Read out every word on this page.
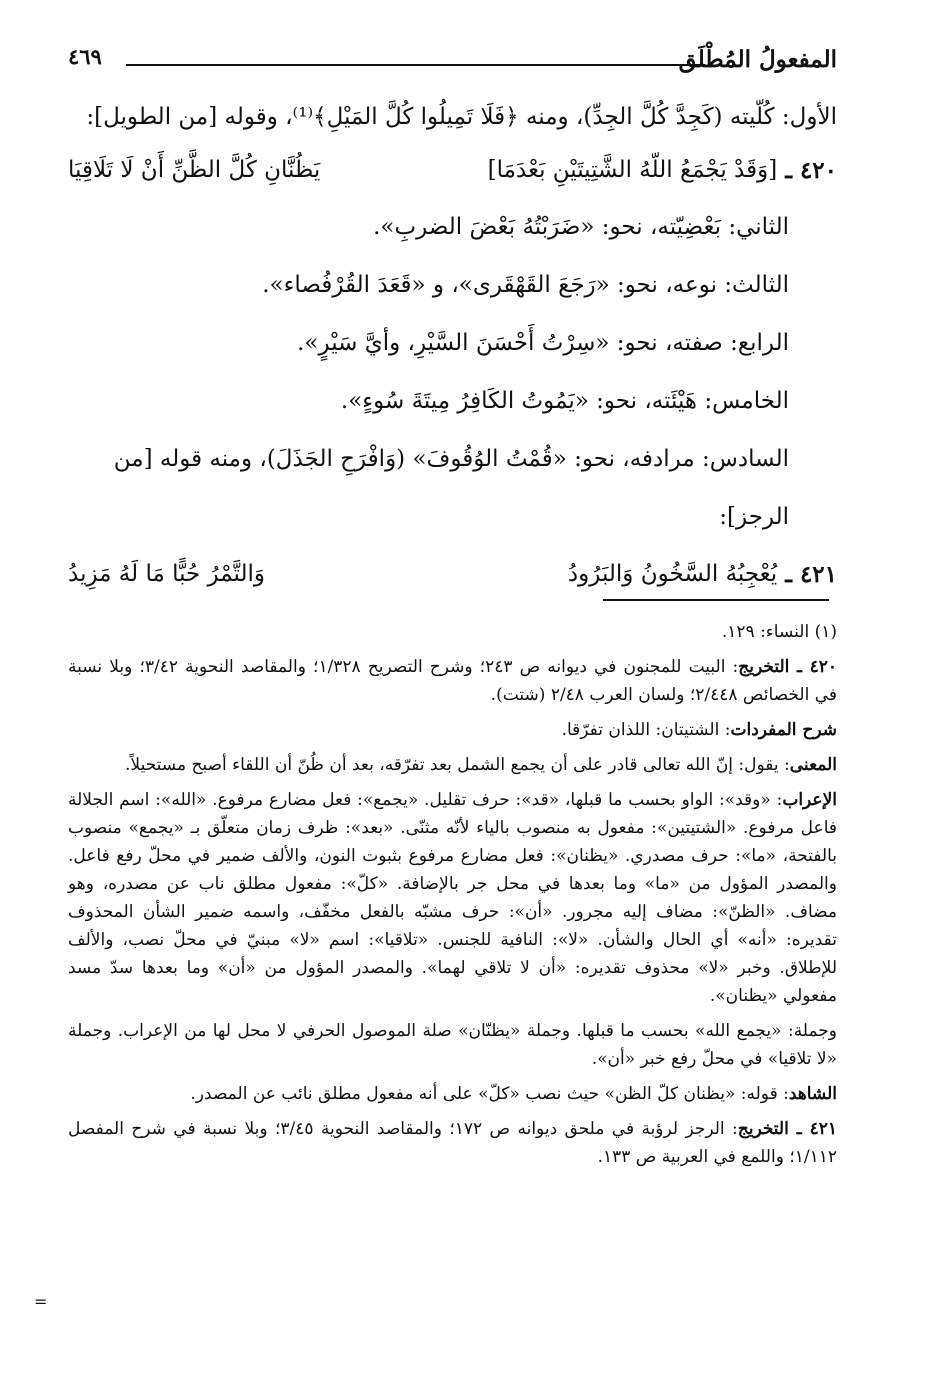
المفعولُ المُطْلَق
٤٦٩

الأول: كُلّيته (كَجِدَّ كُلَّ الجِدِّ)، ومنه ﴿فَلَا تَمِيلُوا كُلَّ المَيْلِ﴾⁽¹⁾، وقوله [من الطويل]:

٤٢٠ ـ
[وَقَدْ يَجْمَعُ اللّهُ الشَّتِيتَيْنِ بَعْدَمَا]
يَظُنَّانِ كُلَّ الظَّنِّ أَنْ لَا تَلَاقِيَا

الثاني: بَعْضِيّته، نحو: «ضَرَبْتُهُ بَعْضَ الضربِ».

الثالث: نوعه، نحو: «رَجَعَ القَهْقَرى»، و «قَعَدَ القُرْفُصاء».

الرابع: صفته، نحو: «سِرْتُ أَحْسَنَ السَّيْرِ، وأيَّ سَيْرٍ».

الخامس: هَيْئَته، نحو: «يَمُوتُ الكَافِرُ مِيتَةَ سُوءٍ».

السادس: مرادفه، نحو: «قُمْتُ الوُقُوفَ» (وَافْرَحِ الجَذَلَ)، ومنه قوله [من الرجز]:

٤٢١ ـ
يُعْجِبُهُ السَّخُونُ وَالبَرُودُ
وَالتَّمْرُ حُبًّا مَا لَهُ مَزِيدُ

(١) النساء: ١٢٩.

٤٢٠ ـ التخريج: البيت للمجنون في ديوانه ص ٢٤٣؛ وشرح التصريح ١/٣٢٨؛ والمقاصد النحوية ٣/٤٢؛ وبلا نسبة في الخصائص ٢/٤٤٨؛ ولسان العرب ٢/٤٨ (شتت).

شرح المفردات: الشتيتان: اللذان تفرّقا.

المعنى: يقول: إنّ الله تعالى قادر على أن يجمع الشمل بعد تفرّقه، بعد أن ظُنّ أن اللقاء أصبح مستحيلاً.

الإعراب: «وقد»: الواو بحسب ما قبلها، «قد»: حرف تقليل. «يجمع»: فعل مضارع مرفوع. «الله»: اسم الجلالة فاعل مرفوع. «الشتيتين»: مفعول به منصوب بالياء لأنّه مثنّى. «بعد»: ظرف زمان متعلّق بـ «يجمع» منصوب بالفتحة، «ما»: حرف مصدري. «يظنان»: فعل مضارع مرفوع بثبوت النون، والألف ضمير في محلّ رفع فاعل. والمصدر المؤول من «ما» وما بعدها في محل جر بالإضافة. «كلّ»: مفعول مطلق ناب عن مصدره، وهو مضاف. «الظنّ»: مضاف إليه مجرور. «أن»: حرف مشبّه بالفعل مخفّف، واسمه ضمير الشأن المحذوف تقديره: «أنه» أي الحال والشأن. «لا»: النافية للجنس. «تلاقيا»: اسم «لا» مبنيّ في محلّ نصب، والألف للإطلاق. وخبر «لا» محذوف تقديره: «أن لا تلاقي لهما». والمصدر المؤول من «أن» وما بعدها سدّ مسد مفعولي «يظنان».

وجملة: «يجمع الله» بحسب ما قبلها. وجملة «يظنّان» صلة الموصول الحرفي لا محل لها من الإعراب. وجملة «لا تلاقيا» في محلّ رفع خبر «أن».

الشاهد: قوله: «يظنان كلّ الظن» حيث نصب «كلّ» على أنه مفعول مطلق نائب عن المصدر.

٤٢١ ـ التخريج: الرجز لرؤبة في ملحق ديوانه ص ١٧٢؛ والمقاصد النحوية ٣/٤٥؛ وبلا نسبة في شرح المفصل ١/١١٢؛ واللمع في العربية ص ١٣٣.

=
